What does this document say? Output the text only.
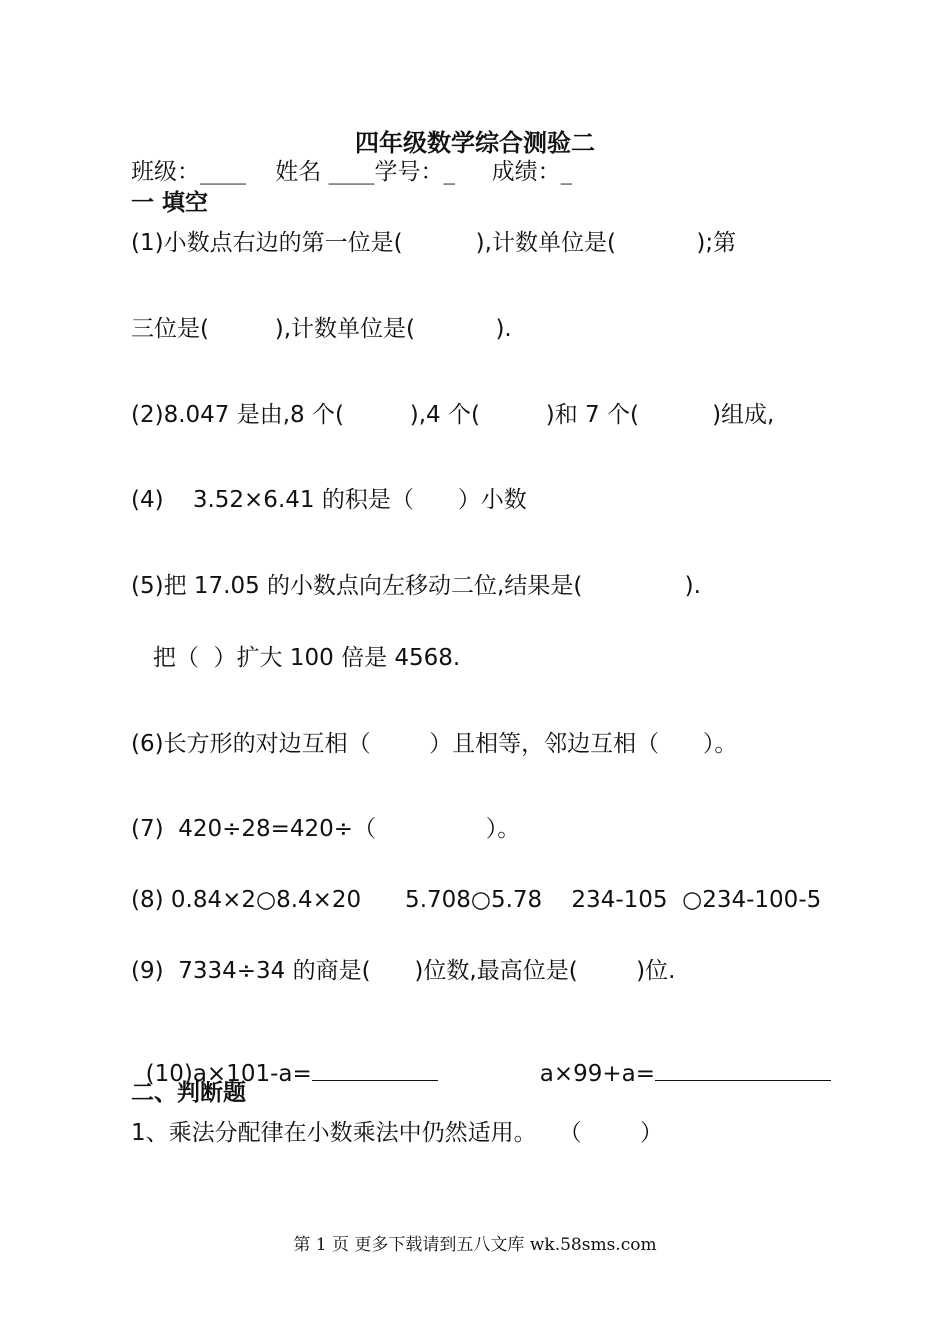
四年级数学综合测验二
班级：____    姓名 ____学号：_     成绩：_
一 填空
(1)小数点右边的第一位是(          ),计数单位是(           );第
三位是(         ),计数单位是(           ).
(2)8.047 是由,8 个(         ),4 个(         )和 7 个(          )组成,
(4)    3.52×6.41 的积是（      ）小数
(5)把 17.05 的小数点向左移动二位,结果是(              ).
把（  ）扩大 100 倍是 4568.
(6)长方形的对边互相（        ）且相等，邻边互相（      ）。
(7)  420÷28=420÷（               ）。
(8) 0.84×2○8.4×20      5.708○5.78    234-105  ○234-100-5
(9)  7334÷34 的商是(      )位数,最高位是(        )位.

(10)a×101-a=	a×99+a=

二、判断题
1、乘法分配律在小数乘法中仍然适用。   （        ）
第 1 页 更多下载请到五八文库 wk.58sms.com
